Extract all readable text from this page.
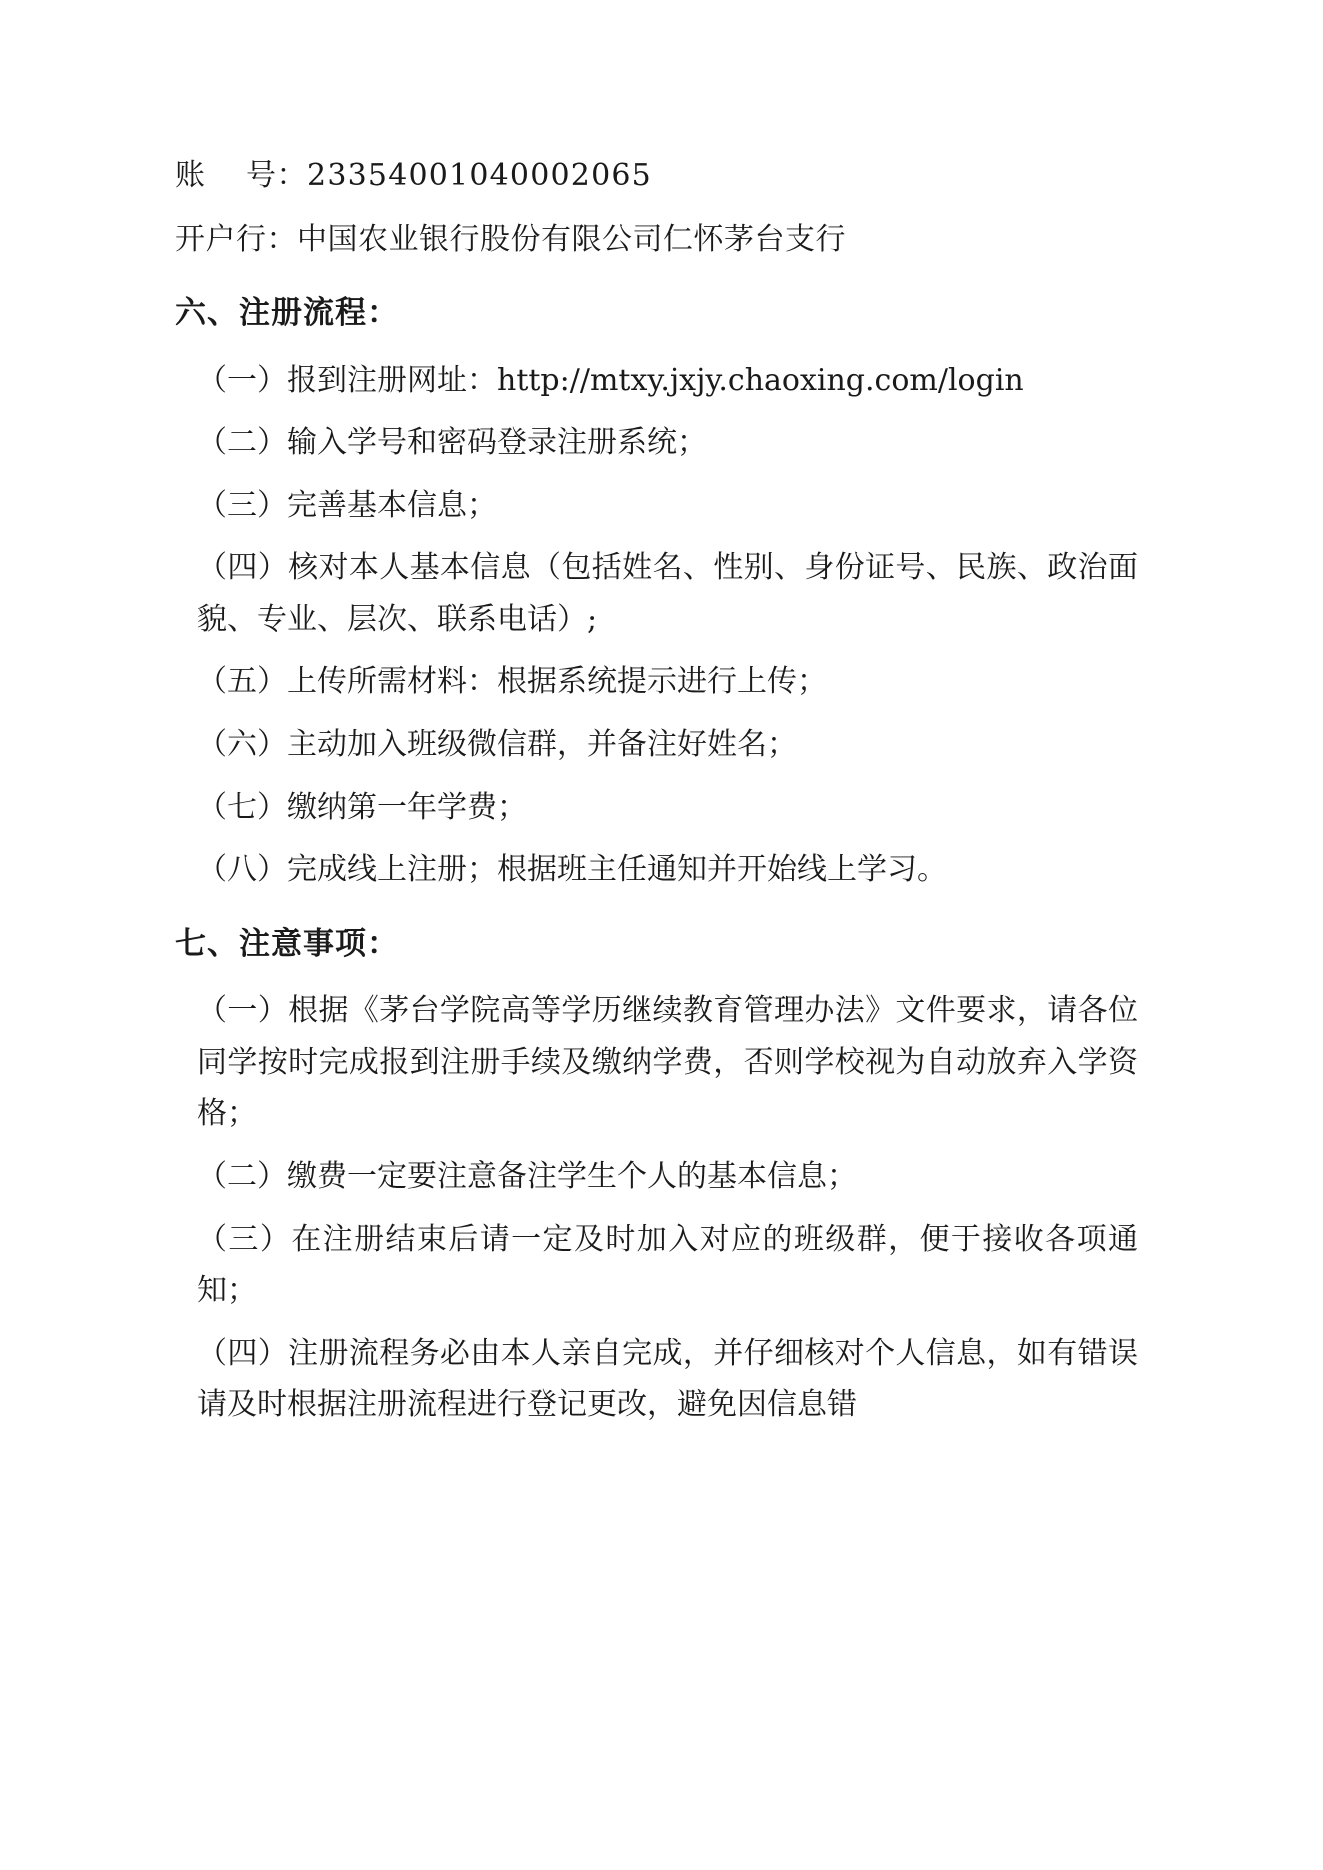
账　 号：23354001040002065

开户行：中国农业银行股份有限公司仁怀茅台支行

六、注册流程：

（一）报到注册网址：http://mtxy.jxjy.chaoxing.com/login

（二）输入学号和密码登录注册系统；

（三）完善基本信息；

（四）核对本人基本信息（包括姓名、性别、身份证号、民族、政治面貌、专业、层次、联系电话）;

（五）上传所需材料：根据系统提示进行上传；

（六）主动加入班级微信群，并备注好姓名；

（七）缴纳第一年学费；

（八）完成线上注册；根据班主任通知并开始线上学习。

七、注意事项：

（一）根据《茅台学院高等学历继续教育管理办法》文件要求，请各位同学按时完成报到注册手续及缴纳学费，否则学校视为自动放弃入学资格；

（二）缴费一定要注意备注学生个人的基本信息；

（三）在注册结束后请一定及时加入对应的班级群，便于接收各项通知；

（四）注册流程务必由本人亲自完成，并仔细核对个人信息，如有错误请及时根据注册流程进行登记更改，避免因信息错
